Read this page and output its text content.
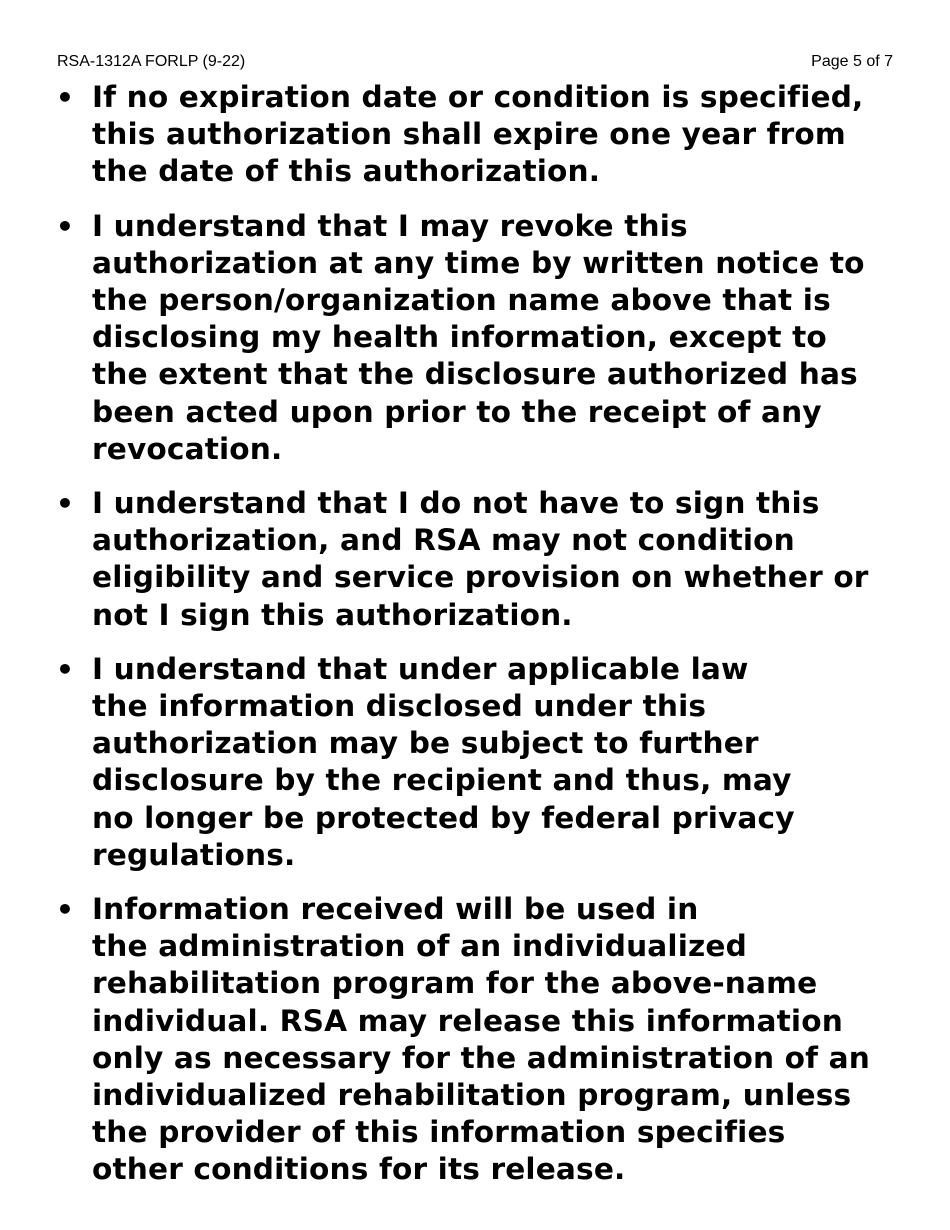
RSA-1312A FORLP (9-22)	Page 5 of 7
• If no expiration date or condition is specified,
this authorization shall expire one year from
the date of this authorization.
• I understand that I may revoke this
authorization at any time by written notice to
the person/organization name above that is
disclosing my health information, except to
the extent that the disclosure authorized has
been acted upon prior to the receipt of any
revocation.
• I understand that I do not have to sign this
authorization, and RSA may not condition
eligibility and service provision on whether or
not I sign this authorization.
• I understand that under applicable law
the information disclosed under this
authorization may be subject to further
disclosure by the recipient and thus, may
no longer be protected by federal privacy
regulations.
• Information received will be used in
the administration of an individualized
rehabilitation program for the above-name
individual. RSA may release this information
only as necessary for the administration of an
individualized rehabilitation program, unless
the provider of this information specifies
other conditions for its release.
